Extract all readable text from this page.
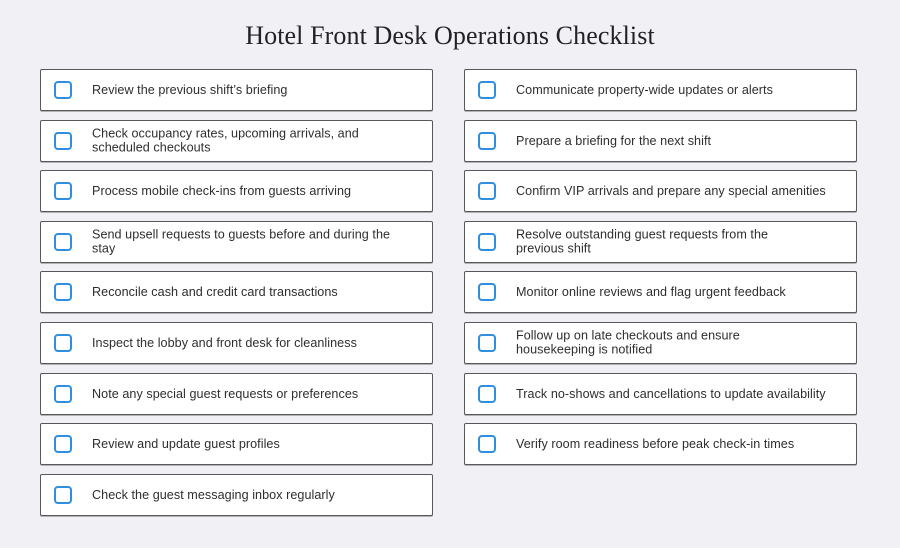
Hotel Front Desk Operations Checklist
Review the previous shift’s briefing
Check occupancy rates, upcoming arrivals, and scheduled checkouts
Process mobile check-ins from guests arriving
Send upsell requests to guests before and during the stay
Reconcile cash and credit card transactions
Inspect the lobby and front desk for cleanliness
Note any special guest requests or preferences
Review and update guest profiles
Check the guest messaging inbox regularly
Communicate property-wide updates or alerts
Prepare a briefing for the next shift
Confirm VIP arrivals and prepare any special amenities
Resolve outstanding guest requests from the previous shift
Monitor online reviews and flag urgent feedback
Follow up on late checkouts and ensure housekeeping is notified
Track no-shows and cancellations to update availability
Verify room readiness before peak check-in times
